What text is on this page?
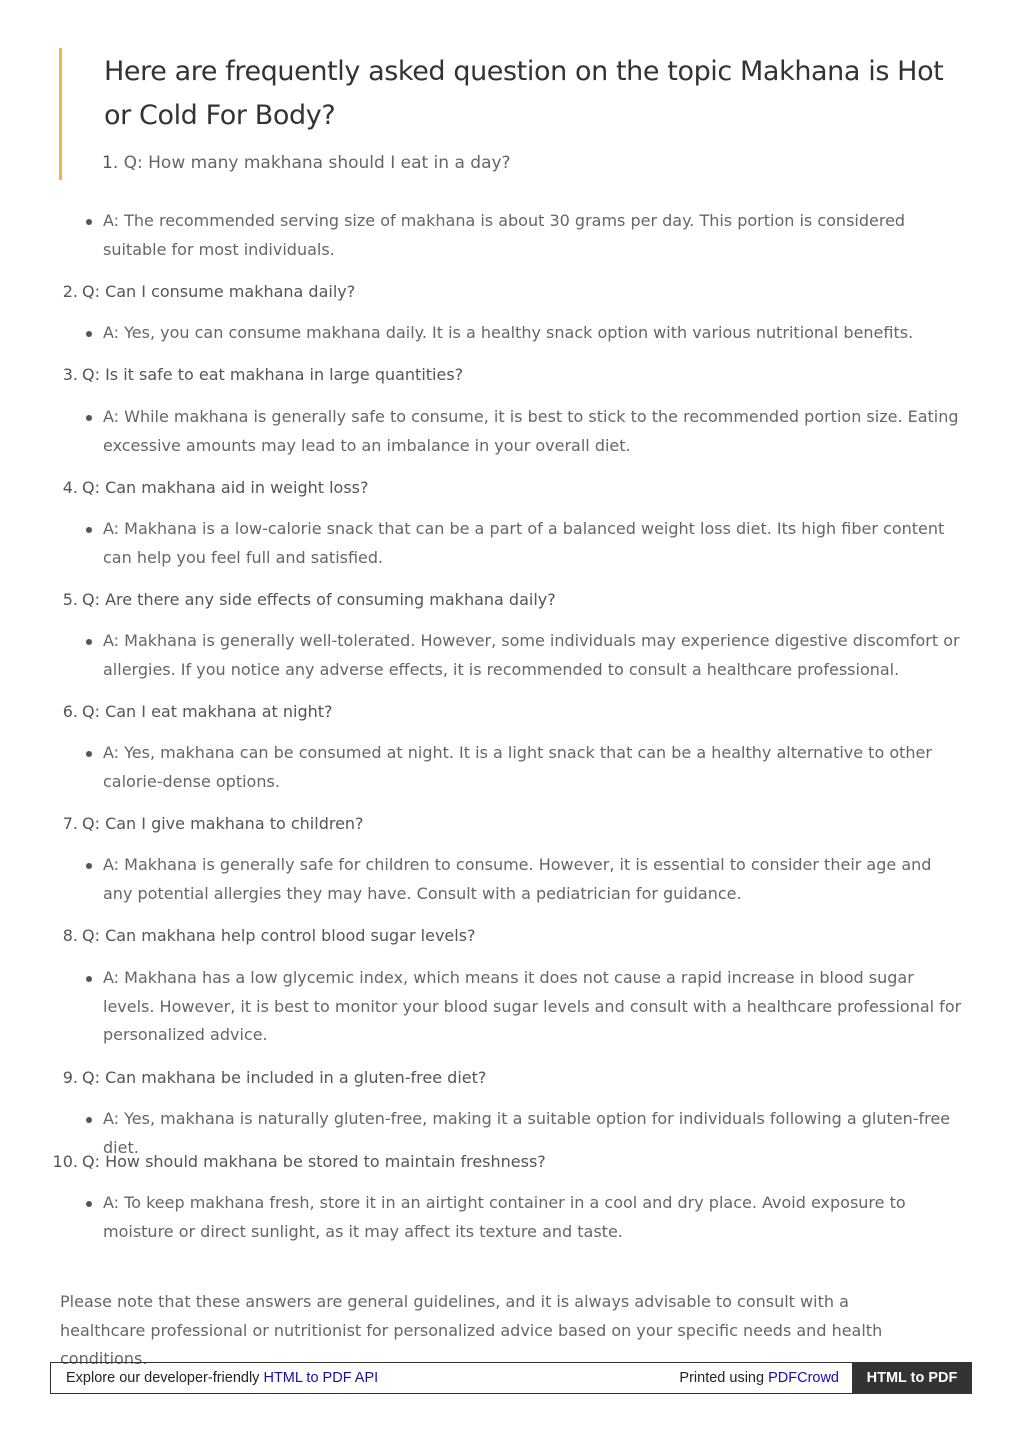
Here are frequently asked question on the topic Makhana is Hot or Cold For Body?
1. Q: How many makhana should I eat in a day?
A: The recommended serving size of makhana is about 30 grams per day. This portion is considered suitable for most individuals.
2. Q: Can I consume makhana daily?
A: Yes, you can consume makhana daily. It is a healthy snack option with various nutritional benefits.
3. Q: Is it safe to eat makhana in large quantities?
A: While makhana is generally safe to consume, it is best to stick to the recommended portion size. Eating excessive amounts may lead to an imbalance in your overall diet.
4. Q: Can makhana aid in weight loss?
A: Makhana is a low-calorie snack that can be a part of a balanced weight loss diet. Its high fiber content can help you feel full and satisfied.
5. Q: Are there any side effects of consuming makhana daily?
A: Makhana is generally well-tolerated. However, some individuals may experience digestive discomfort or allergies. If you notice any adverse effects, it is recommended to consult a healthcare professional.
6. Q: Can I eat makhana at night?
A: Yes, makhana can be consumed at night. It is a light snack that can be a healthy alternative to other calorie-dense options.
7. Q: Can I give makhana to children?
A: Makhana is generally safe for children to consume. However, it is essential to consider their age and any potential allergies they may have. Consult with a pediatrician for guidance.
8. Q: Can makhana help control blood sugar levels?
A: Makhana has a low glycemic index, which means it does not cause a rapid increase in blood sugar levels. However, it is best to monitor your blood sugar levels and consult with a healthcare professional for personalized advice.
9. Q: Can makhana be included in a gluten-free diet?
A: Yes, makhana is naturally gluten-free, making it a suitable option for individuals following a gluten-free diet.
10. Q: How should makhana be stored to maintain freshness?
A: To keep makhana fresh, store it in an airtight container in a cool and dry place. Avoid exposure to moisture or direct sunlight, as it may affect its texture and taste.

Please note that these answers are general guidelines, and it is always advisable to consult with a healthcare professional or nutritionist for personalized advice based on your specific needs and health conditions.

Explore our developer-friendly HTML to PDF API	Printed using PDFCrowd	HTML to PDF
